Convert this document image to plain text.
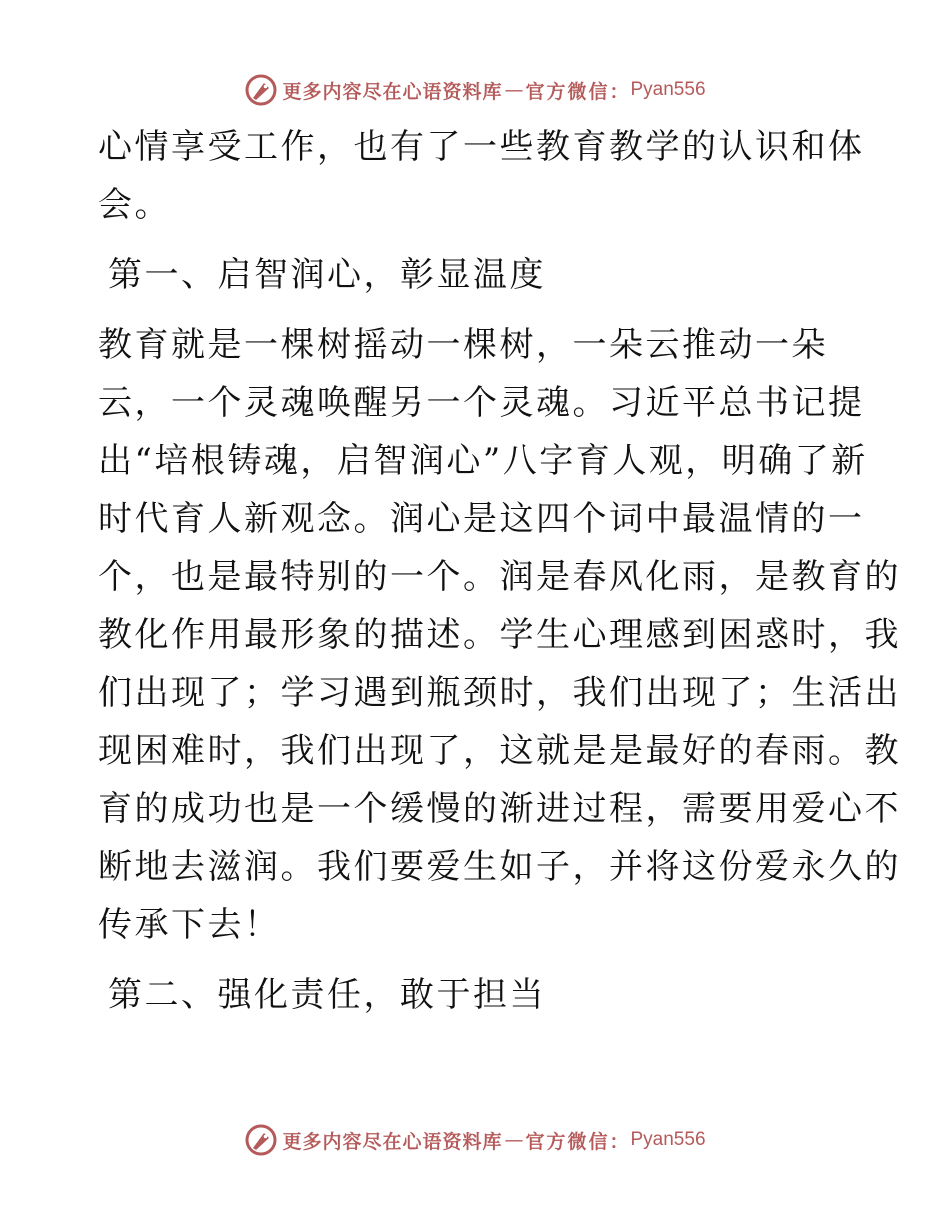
更多内容尽在心语资料库 — 官方微信： Pyan556
心情享受工作，也有了一些教育教学的认识和体
会。
第一、启智润心，彰显温度
教育就是一棵树摇动一棵树，一朵云推动一朵
云，一个灵魂唤醒另一个灵魂。习近平总书记提
出“培根铸魂，启智润心”八字育人观，明确了新
时代育人新观念。润心是这四个词中最温情的一
个，也是最特别的一个。润是春风化雨，是教育的
教化作用最形象的描述。学生心理感到困惑时，我
们出现了；学习遇到瓶颈时，我们出现了；生活出
现困难时，我们出现了，这就是是最好的春雨。教
育的成功也是一个缓慢的渐进过程，需要用爱心不
断地去滋润。我们要爱生如子，并将这份爱永久的
传承下去！
第二、强化责任，敢于担当
更多内容尽在心语资料库 — 官方微信： Pyan556
